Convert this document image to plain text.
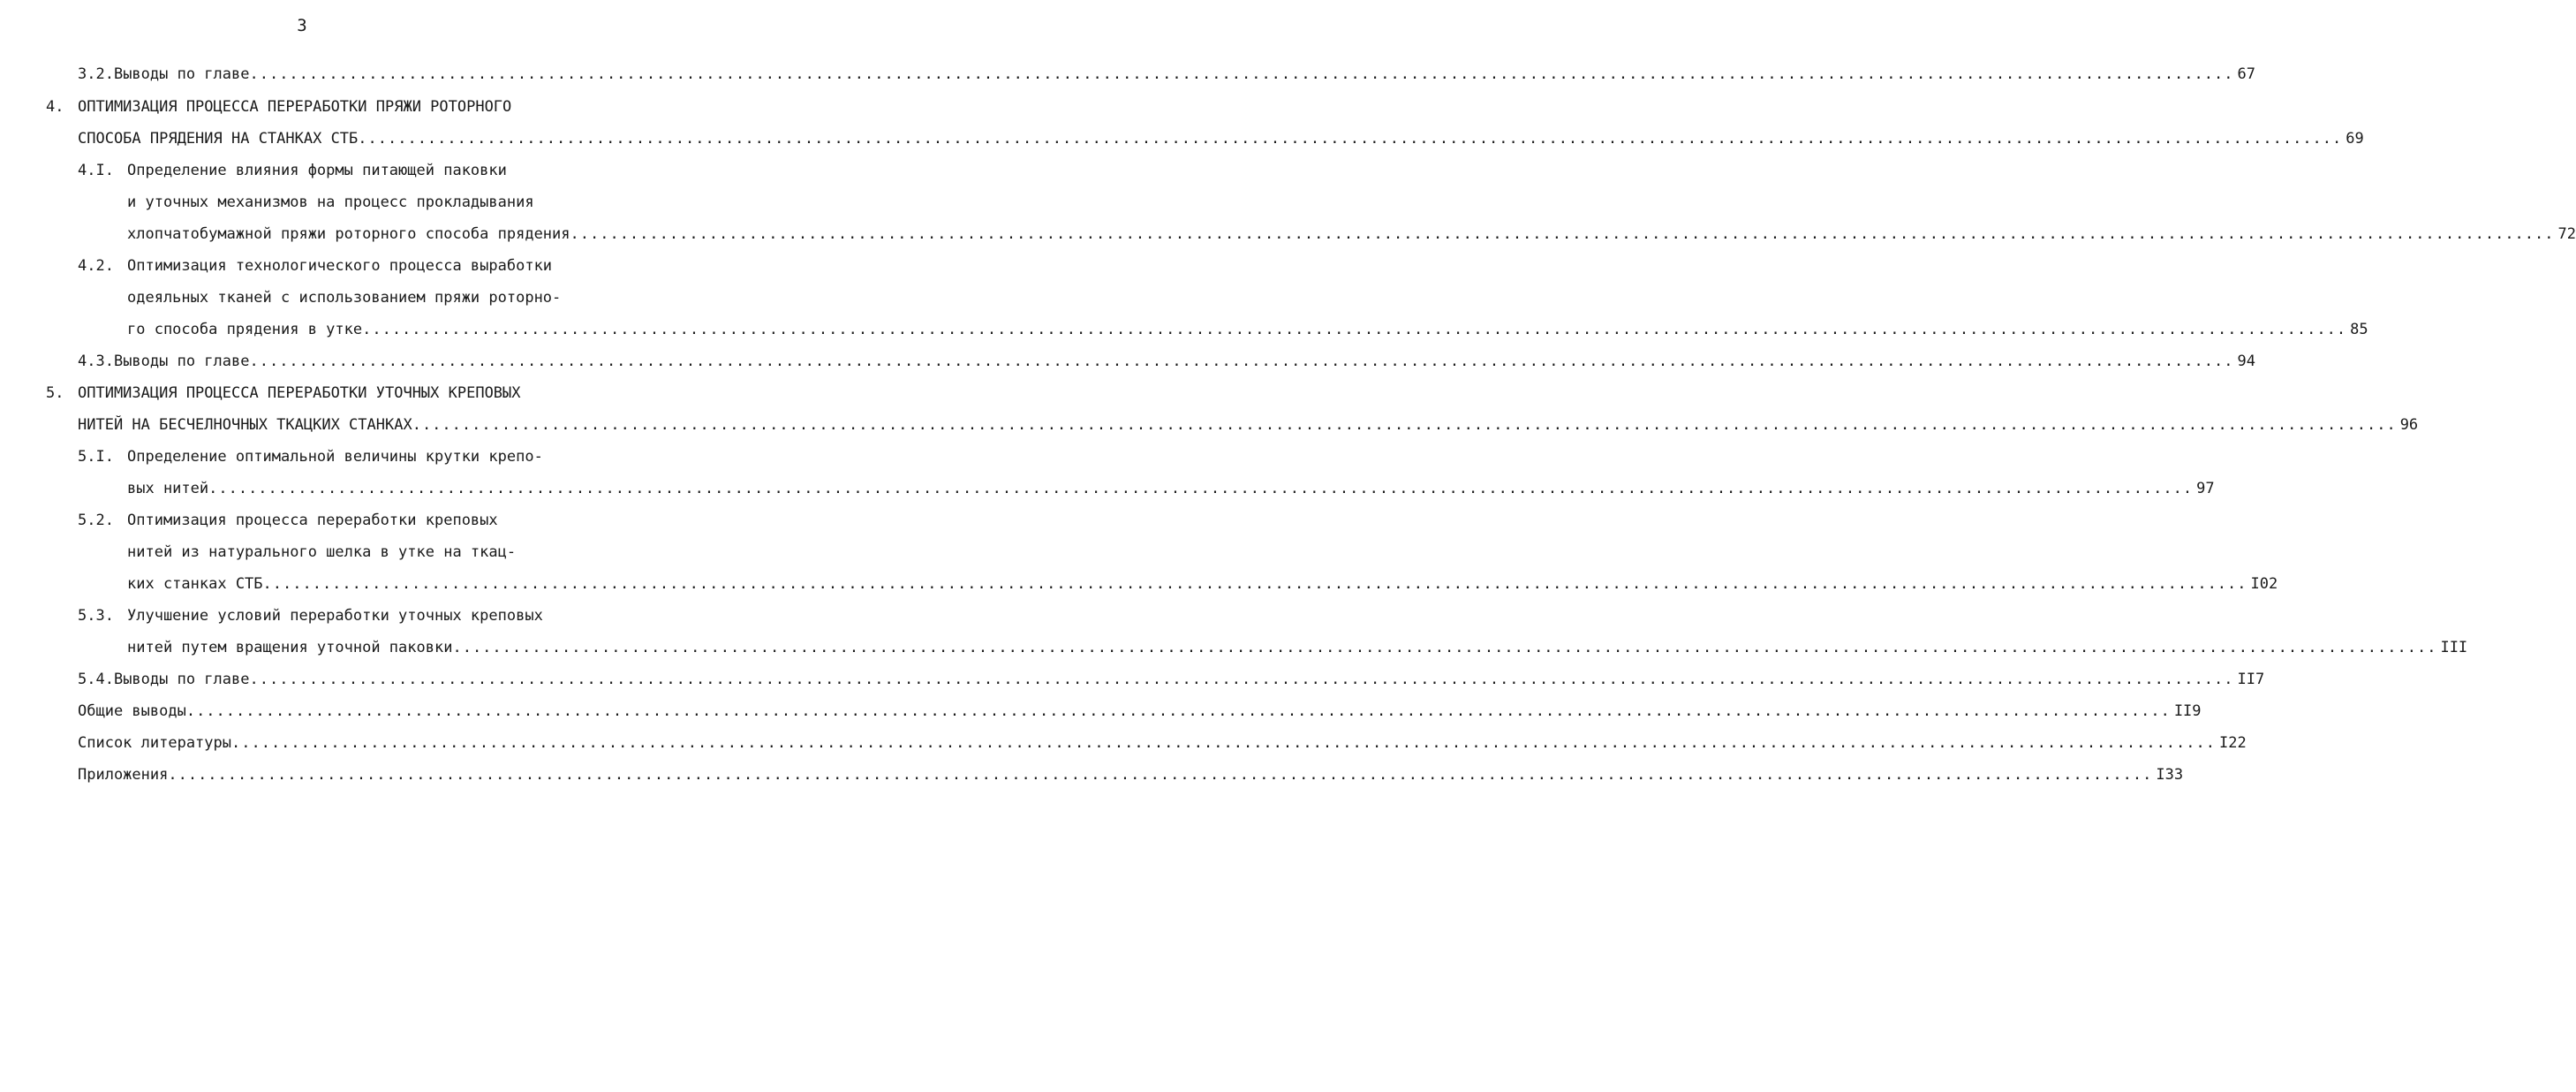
3
3.2. Выводы по главе ........................................................................................................................................................................................................ 67
4. ОПТИМИЗАЦИЯ ПРОЦЕССА ПЕРЕРАБОТКИ ПРЯЖИ РОТОРНОГО
СПОСОБА ПРЯДЕНИЯ НА СТАНКАХ СТБ ........................................................................................................................................................................................................ 69
4.I. Определение влияния формы питающей паковки
и уточных механизмов на процесс прокладывания
хлопчатобумажной пряжи роторного способа прядения ........................................................................................................................................................................................................ 72
4.2. Оптимизация технологического процесса выработки
одеяльных тканей с использованием пряжи роторно-
го способа прядения в утке ........................................................................................................................................................................................................ 85
4.3. Выводы по главе ........................................................................................................................................................................................................ 94
5. ОПТИМИЗАЦИЯ ПРОЦЕССА ПЕРЕРАБОТКИ УТОЧНЫХ КРЕПОВЫХ
НИТЕЙ НА БЕСЧЕЛНОЧНЫХ ТКАЦКИХ СТАНКАХ ........................................................................................................................................................................................................ 96
5.I. Определение оптимальной величины крутки крепо-
вых нитей ........................................................................................................................................................................................................ 97
5.2. Оптимизация процесса переработки креповых
нитей из натурального шелка в утке на ткац-
ких станках СТБ ........................................................................................................................................................................................................ I02
5.3. Улучшение условий переработки уточных креповых
нитей путем вращения уточной паковки ........................................................................................................................................................................................................ III
5.4. Выводы по главе ........................................................................................................................................................................................................ II7
Общие выводы ........................................................................................................................................................................................................ II9
Список литературы ........................................................................................................................................................................................................ I22
Приложения ........................................................................................................................................................................................................ I33
